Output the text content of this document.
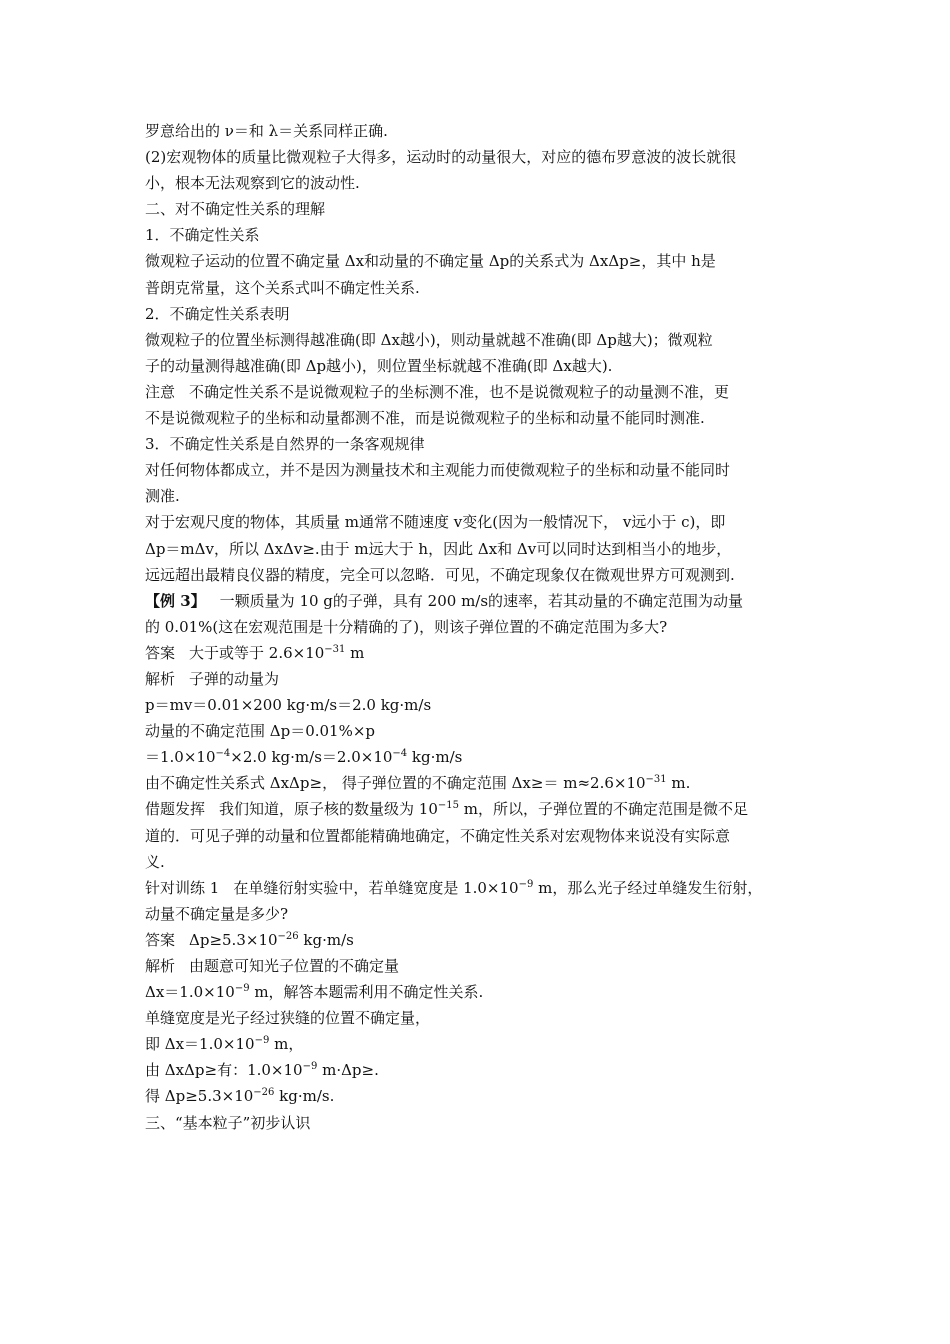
罗意给出的 ν＝和 λ＝关系同样正确.
(2)宏观物体的质量比微观粒子大得多，运动时的动量很大，对应的德布罗意波的波长就很
小，根本无法观察到它的波动性.
二、对不确定性关系的理解
1．不确定性关系
微观粒子运动的位置不确定量 Δx和动量的不确定量 Δp的关系式为 ΔxΔp≥，其中 h是
普朗克常量，这个关系式叫不确定性关系.
2．不确定性关系表明
微观粒子的位置坐标测得越准确(即 Δx越小)，则动量就越不准确(即 Δp越大)；微观粒
子的动量测得越准确(即 Δp越小)，则位置坐标就越不准确(即 Δx越大).
注意 不确定性关系不是说微观粒子的坐标测不准，也不是说微观粒子的动量测不准，更
不是说微观粒子的坐标和动量都测不准，而是说微观粒子的坐标和动量不能同时测准.
3．不确定性关系是自然界的一条客观规律
对任何物体都成立，并不是因为测量技术和主观能力而使微观粒子的坐标和动量不能同时
测准.
对于宏观尺度的物体，其质量 m通常不随速度 v变化(因为一般情况下， v远小于 c)，即
Δp＝mΔv，所以 ΔxΔv≥.由于 m远大于 h，因此 Δx和 Δv可以同时达到相当小的地步，
远远超出最精良仪器的精度，完全可以忽略．可见，不确定现象仅在微观世界方可观测到.
【例 3】 一颗质量为 10 g的子弹，具有 200 m/s的速率，若其动量的不确定范围为动量
的 0.01%(这在宏观范围是十分精确的了)，则该子弹位置的不确定范围为多大?
答案 大于或等于 $2.6\times 10^{-31}$ m
解析 子弹的动量为
p＝mv＝0.01×200 kg·m/s＝2.0 kg·m/s
动量的不确定范围 Δp＝0.01%×p
$=1.0\times 10^{-4}\times 2.0$ $kg\cdot m/s=2.0\times 10^{-4}$ kg·m/s
由不确定性关系式 ΔxΔp≥， 得子弹位置的不确定范围 $\Delta x\ge= m\approx 2.6\times 10^{-31}$ m.
借题发挥 我们知道，原子核的数量级为 $10^{-15}$ m，所以，子弹位置的不确定范围是微不足
道的．可见子弹的动量和位置都能精确地确定，不确定性关系对宏观物体来说没有实际意
义.
针对训练 1 在单缝衍射实验中，若单缝宽度是 $1.0\times 10^{-9}$ m，那么光子经过单缝发生衍射，
动量不确定量是多少?
答案 $\Delta p\ge 5.3\times 10^{-26}$ kg·m/s
解析 由题意可知光子位置的不确定量
$\Delta x=1.0\times 10^{-9}$ m，解答本题需利用不确定性关系.
单缝宽度是光子经过狭缝的位置不确定量，
即 $\Delta x=1.0\times 10^{-9}$ m，
由 ΔxΔp≥有：$1.0\times 10^{-9}$ m·Δp≥.
得 $\Delta p\ge 5.3\times 10^{-26}$ kg·m/s.
三、“基本粒子”初步认识
